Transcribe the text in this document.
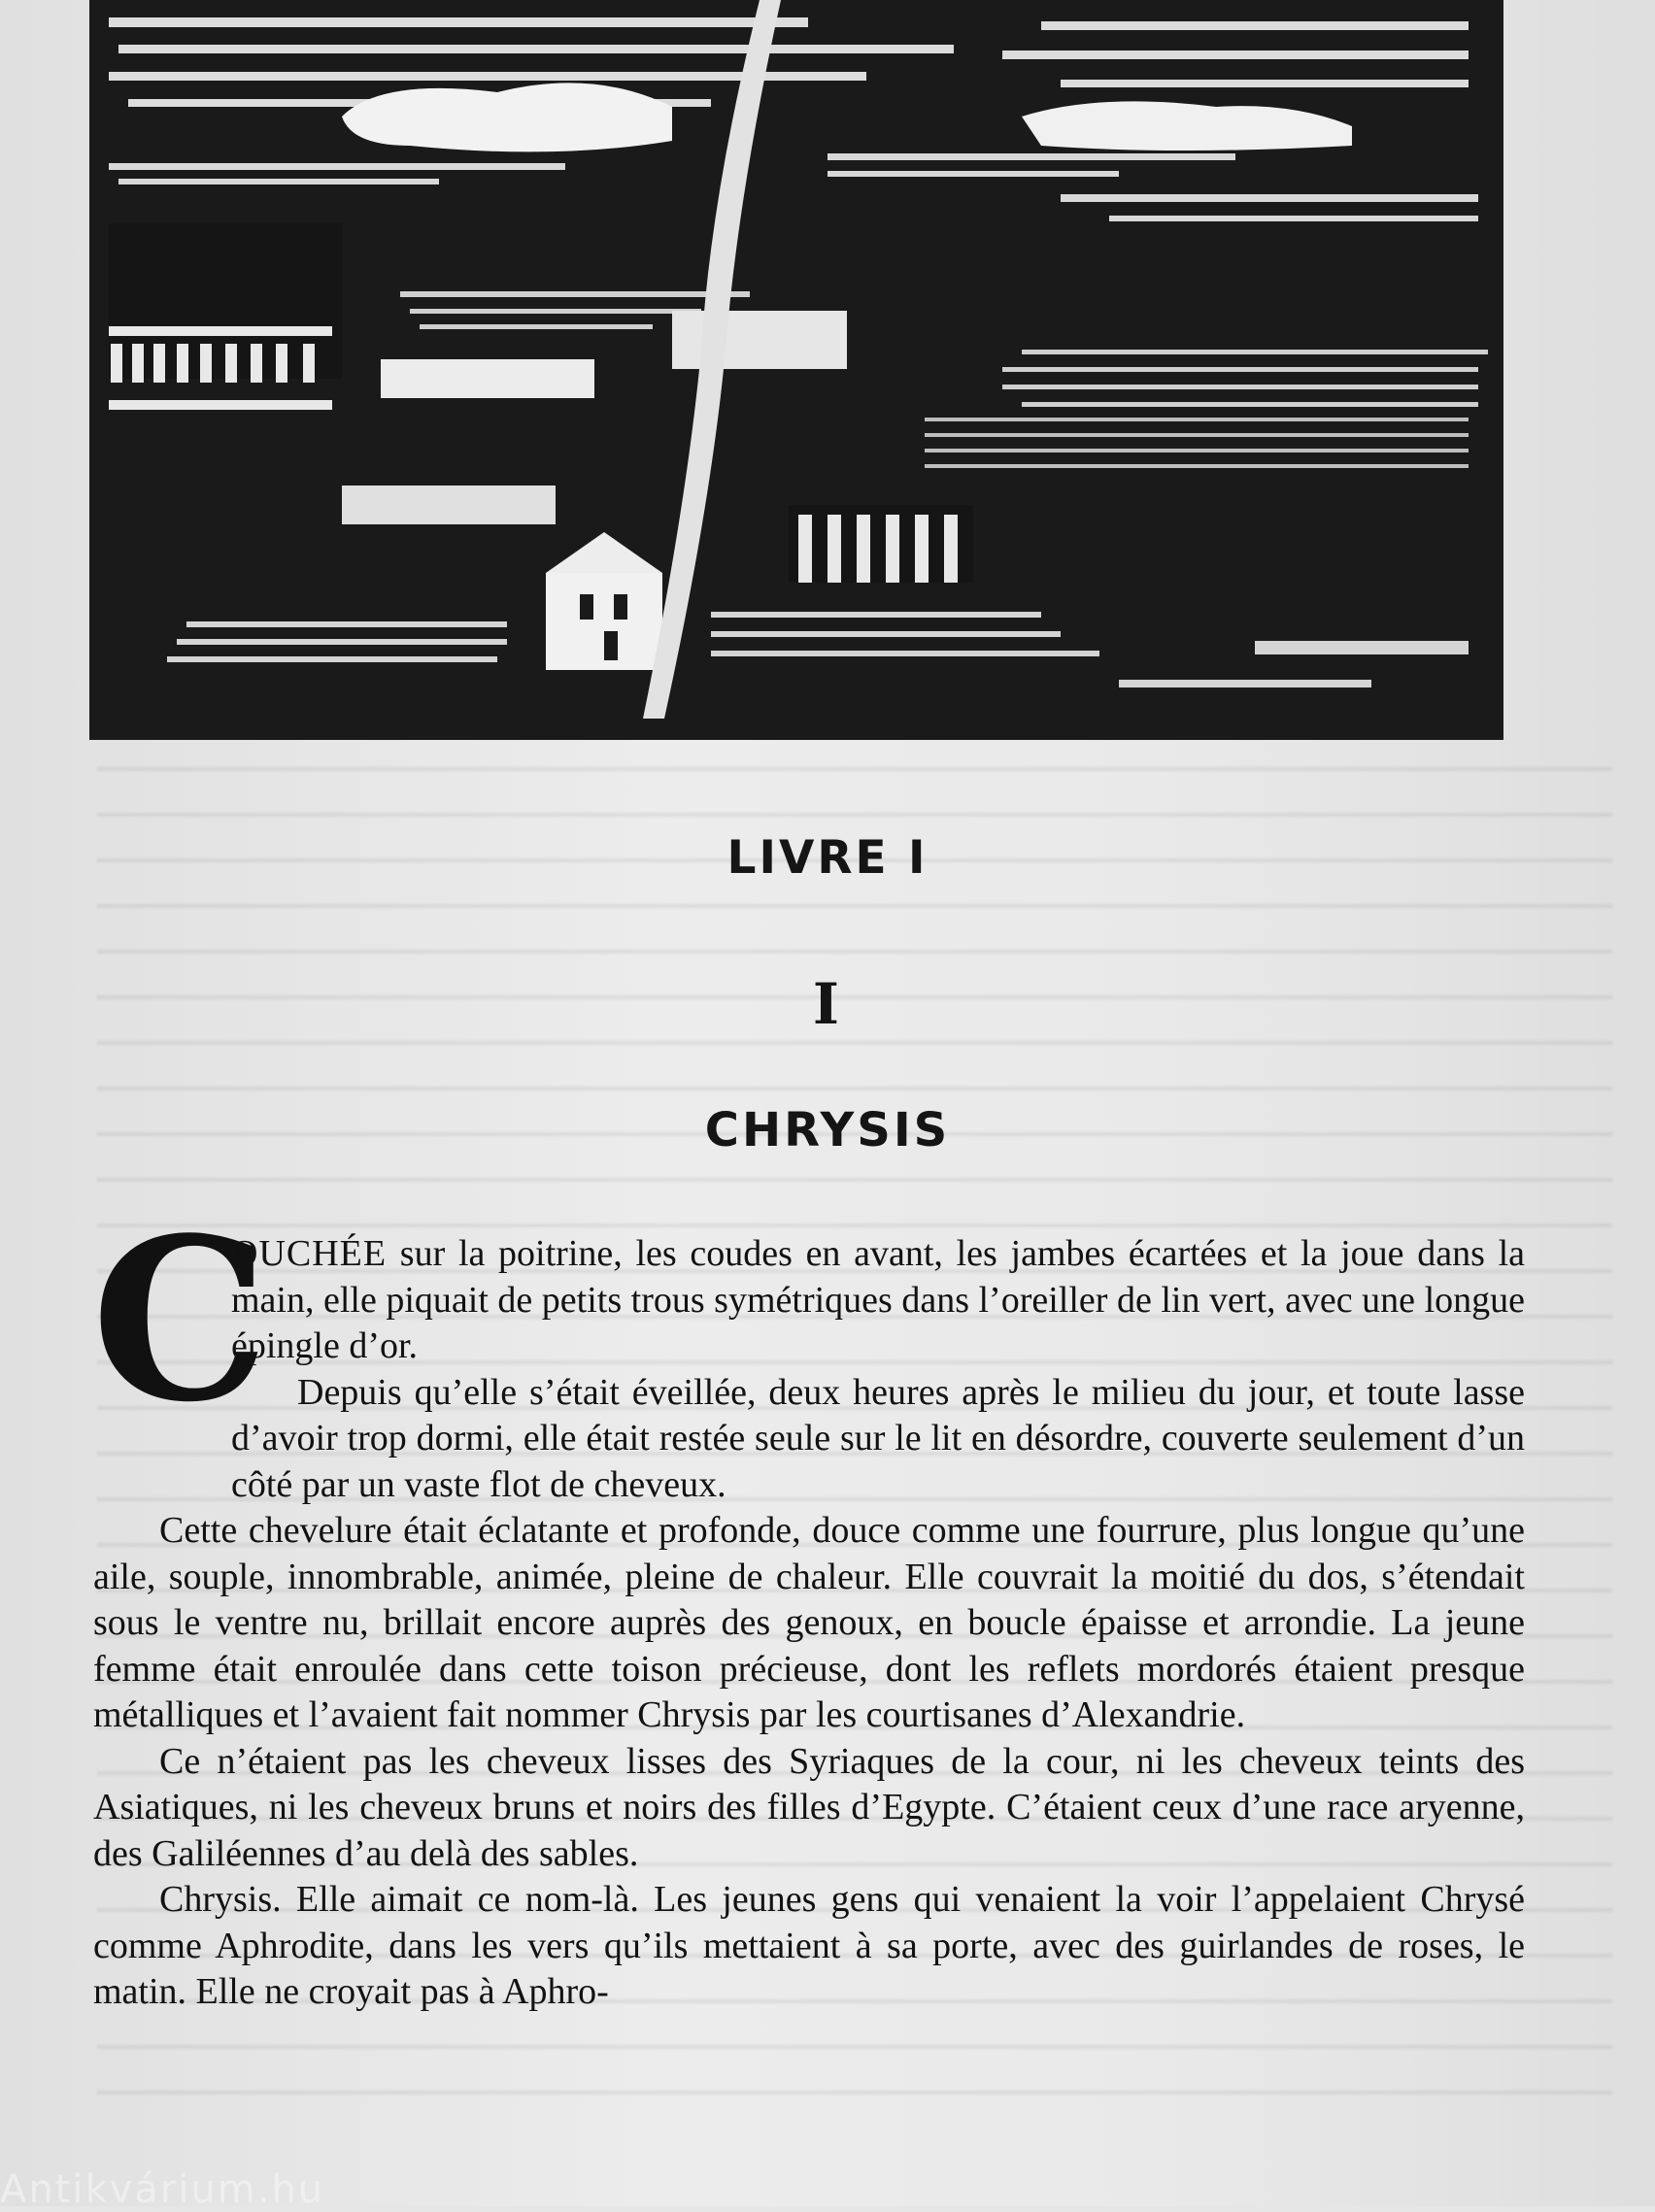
LIVRE I
I
CHRYSIS
C

OUCHÉE sur la poitrine, les coudes en avant, les jambes écartées et la joue dans la main, elle piquait de petits trous symétriques dans l’oreiller de lin vert, avec une longue épingle d’or.

Depuis qu’elle s’était éveillée, deux heures après le milieu du jour, et toute lasse d’avoir trop dormi, elle était restée seule sur le lit en désordre, couverte seulement d’un côté par un vaste flot de cheveux.

Cette chevelure était éclatante et profonde, douce comme une fourrure, plus longue qu’une aile, souple, innombrable, animée, pleine de chaleur. Elle couvrait la moitié du dos, s’étendait sous le ventre nu, brillait encore auprès des genoux, en boucle épaisse et arrondie. La jeune femme était enroulée dans cette toison précieuse, dont les reflets mordorés étaient presque métalliques et l’avaient fait nommer Chrysis par les courtisanes d’Alexandrie.

Ce n’étaient pas les cheveux lisses des Syriaques de la cour, ni les cheveux teints des Asiatiques, ni les cheveux bruns et noirs des filles d’Egypte. C’étaient ceux d’une race aryenne, des Galiléennes d’au delà des sables.

Chrysis. Elle aimait ce nom-là. Les jeunes gens qui venaient la voir l’appelaient Chrysé comme Aphrodite, dans les vers qu’ils mettaient à sa porte, avec des guirlandes de roses, le matin. Elle ne croyait pas à Aphro-

Antikvárium.hu
